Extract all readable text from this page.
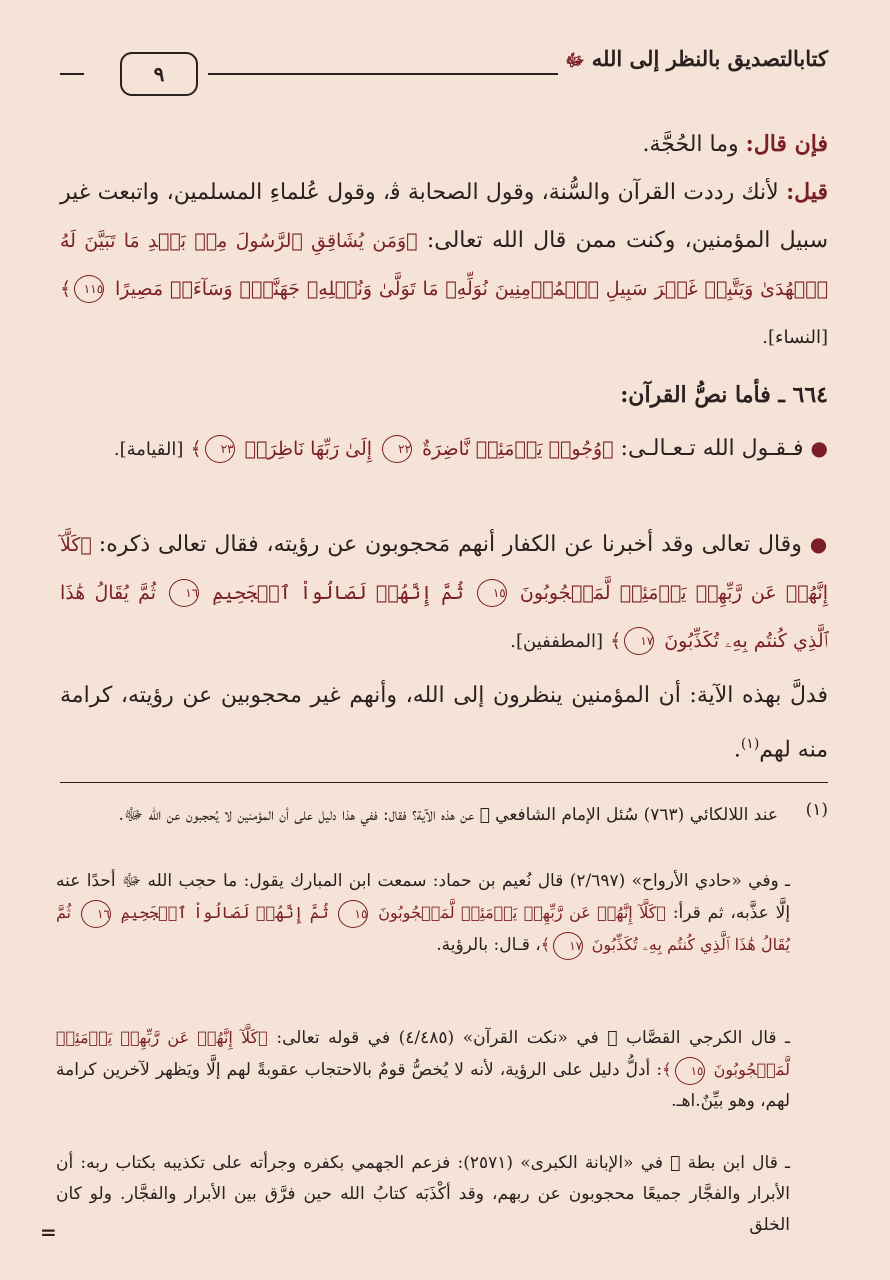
كتابالتصديق بالنظر إلى الله ﷻ
٩
فإن قال: وما الحُجَّة.
قيل: لأنك رددت القرآن والسُّنة، وقول الصحابة ﭬ، وقول عُلماءِ المسلمين، واتبعت غير سبيل المؤمنين، وكنت ممن قال الله تعالى: ﴿وَمَن يُشَاقِقِ ٱلرَّسُولَ مِنۢ بَعۡدِ مَا تَبَيَّنَ لَهُ ٱلۡهُدَىٰ وَيَتَّبِعۡ غَيۡرَ سَبِيلِ ٱلۡمُؤۡمِنِينَ نُوَلِّهِۦ مَا تَوَلَّىٰ وَنُصۡلِهِۦ جَهَنَّمَۖ وَسَآءَتۡ مَصِيرًا ١١٥﴾ [النساء].
٦٦٤ ـ فأما نصُّ القرآن:
● فـقـول الله تـعـالـى: ﴿وُجُوهٞ يَوۡمَئِذٖ نَّاضِرَةٌ ٢٢ إِلَىٰ رَبِّهَا نَاظِرَةٞ ٢٣﴾ [القيامة].
● وقال تعالى وقد أخبرنا عن الكفار أنهم مَحجوبون عن رؤيته، فقال تعالى ذكره: ﴿كَلَّآ إِنَّهُمۡ عَن رَّبِّهِمۡ يَوۡمَئِذٖ لَّمَحۡجُوبُونَ ١٥ ثُمَّ إِنَّهُمۡ لَصَالُواْ ٱلۡجَحِيمِ ١٦ ثُمَّ يُقَالُ هَٰذَا ٱلَّذِي كُنتُم بِهِۦ تُكَذِّبُونَ ١٧﴾ [المطففين].
فدلَّ بهذه الآية: أن المؤمنين ينظرون إلى الله، وأنهم غير محجوبين عن رؤيته، كرامة منه لهم$^{(١)}$.
(١)
عند اللالكائي (٧٦٣) سُئل الإمام الشافعي ﷬ عن هذه الآية؟ فقال: ففي هذا دليل على أن المؤمنين لا يُحجبون عن الله ﷻ.
ـ وفي «حادي الأرواح» (٢/٦٩٧) قال نُعيم بن حماد: سمعت ابن المبارك يقول: ما حجب الله ﷻ أحدًا عنه إلَّا عذَّبه، ثم قرأ: ﴿كَلَّآ إِنَّهُمۡ عَن رَّبِّهِمۡ يَوۡمَئِذٖ لَّمَحۡجُوبُونَ ١٥ ثُمَّ إِنَّهُمۡ لَصَالُواْ ٱلۡجَحِيمِ ١٦ ثُمَّ يُقَالُ هَٰذَا ٱلَّذِي كُنتُم بِهِۦ تُكَذِّبُونَ ١٧﴾، قـال: بالرؤية.
ـ قال الكرجي القصَّاب ﷬ في «نكت القرآن» (٤/٤٨٥) في قوله تعالى: ﴿كَلَّآ إِنَّهُمۡ عَن رَّبِّهِمۡ يَوۡمَئِذٖ لَّمَحۡجُوبُونَ ١٥﴾: أدلُّ دليل على الرؤية، لأنه لا يُخصُّ قومٌ بالاحتجاب عقوبةً لهم إلَّا ويَظهر لآخرين كرامة لهم، وهو بيِّنٌ.اهـ.
ـ قال ابن بطة ﷬ في «الإبانة الكبرى» (٢٥٧١): فزعم الجهمي بكفره وجرأته على تكذيبه بكتاب ربه: أن الأبرار والفجَّار جميعًا محجوبون عن ربهم، وقد أكْذَبَه كتابُ الله حين فرَّق بين الأبرار والفجَّار. ولو كان الخلق
=
